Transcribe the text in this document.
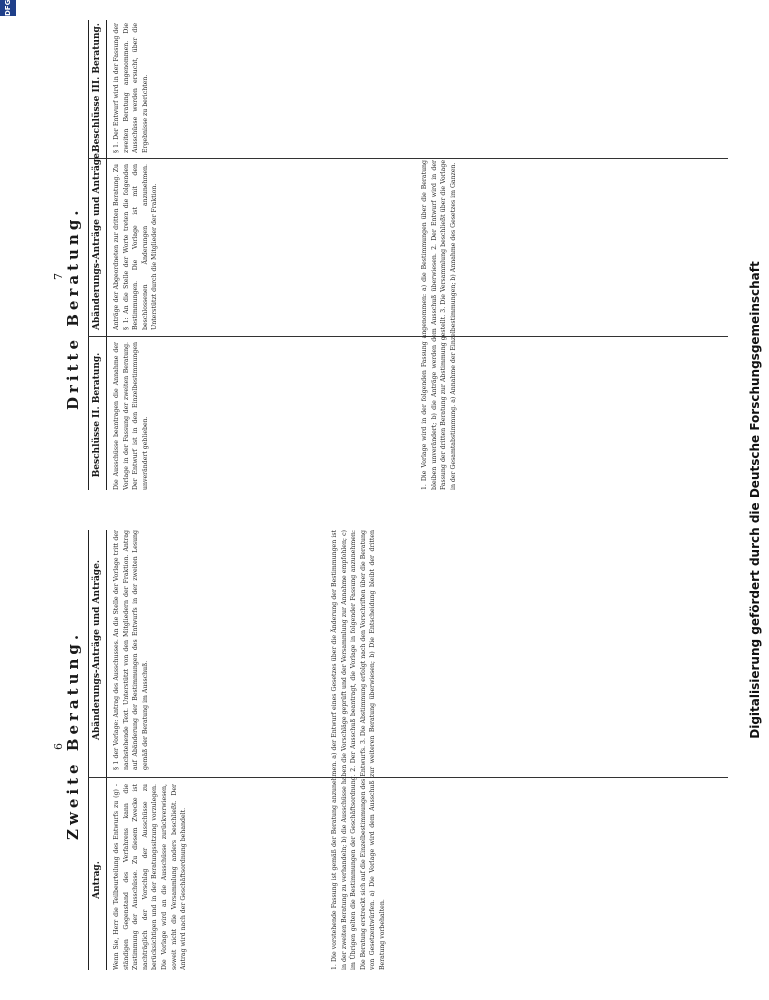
6 Zweite Beratung.
Antrag.
Abänderungs-Anträge und Anträge.
Wenn Sie, Herr die Teilbeurteilung des Entwurfs zu (g) - ständigen Gegenstand des Verfahrens kann die Zustimmung der Ausschüsse. Zu diesem Zwecke ist nachträglich der Vorschlag der Ausschüsse zu berücksichtigen und in der Beratungssitzung vorzulegen. Die Vorlage wird an die Ausschüsse zurückverwiesen, soweit nicht die Versammlung anders beschließt. Der Antrag wird nach der Geschäftsordnung behandelt.
§ 1 der Vorlage: Antrag des Ausschusses. An die Stelle der Vorlage tritt der nachstehende Text. Unterstützt von den Mitgliedern der Fraktion. Antrag auf Abänderung der Bestimmungen des Entwurfs in der zweiten Lesung gemäß der Beratung im Ausschuß.	1. Die vorstehende Fassung ist gemäß der Beratung anzunehmen. a) der Entwurf eines Gesetzes über die Änderung der Bestimmungen ist in der zweiten Beratung zu verhandeln; b) die Ausschüsse haben die Vorschläge geprüft und der Versammlung zur Annahme empfohlen; c) im Übrigen gelten die Bestimmungen der Geschäftsordnung. 2. Der Ausschuß beantragt, die Vorlage in folgender Fassung anzunehmen: Die Beratung erstreckt sich auf die Einzelbestimmungen des Entwurfs. 3. Die Abstimmung erfolgt nach den Vorschriften über die Beratung von Gesetzentwürfen. a) Die Vorlage wird dem Ausschuß zur weiteren Beratung überwiesen; b) Die Entscheidung bleibt der dritten Beratung vorbehalten.
7 Dritte Beratung.
Beschlüsse II. Beratung.
Abänderungs-Anträge und Anträge.
Beschlüsse III. Beratung.
Die Ausschüsse beantragen die Annahme der Vorlage in der Fassung der zweiten Beratung. Der Entwurf ist in den Einzelbestimmungen unverändert geblieben.
Anträge der Abgeordneten zur dritten Beratung. Zu § 1: An die Stelle der Worte treten die folgenden Bestimmungen. Die Vorlage ist mit den beschlossenen Änderungen anzunehmen. Unterstützt durch die Mitglieder der Fraktion.
§ 1. Der Entwurf wird in der Fassung der zweiten Beratung angenommen. Die Ausschüsse werden ersucht, über die Ergebnisse zu berichten.
1. Die Vorlage wird in der folgenden Fassung angenommen: a) die Bestimmungen über die Beratung bleiben unverändert; b) die Anträge werden dem Ausschuß überwiesen. 2. Der Entwurf wird in der Fassung der dritten Beratung zur Abstimmung gestellt. 3. Die Versammlung beschließt über die Vorlage in der Gesamtabstimmung. a) Annahme der Einzelbestimmungen; b) Annahme des Gesetzes im Ganzen.
DFG
Digitalisierung gefördert durch die Deutsche Forschungsgemeinschaft
